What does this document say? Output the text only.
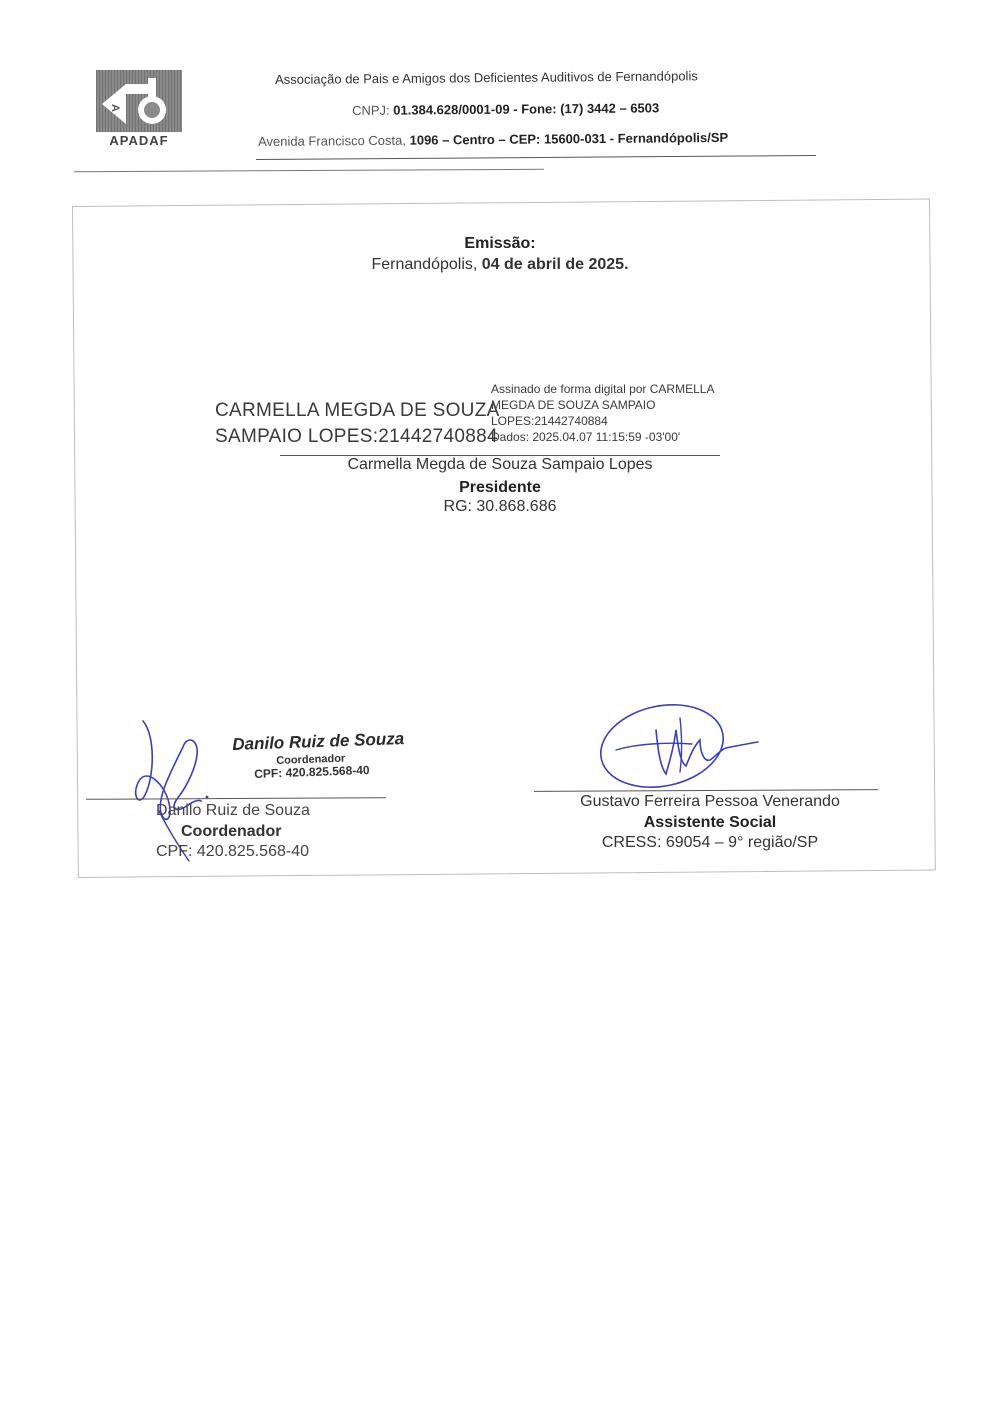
A
APADAF
Associação de Pais e Amigos dos Deficientes Auditivos de Fernandópolis
CNPJ: 01.384.628/0001-09 - Fone: (17) 3442 – 6503
Avenida Francisco Costa, 1096 – Centro – CEP: 15600-031 - Fernandópolis/SP
Emissão:
Fernandópolis, 04 de abril de 2025.
CARMELLA MEGDA DE SOUZA
SAMPAIO LOPES:21442740884
Assinado de forma digital por CARMELLA
MEGDA DE SOUZA SAMPAIO
LOPES:21442740884
Dados: 2025.04.07 11:15:59 -03'00'
Carmella Megda de Souza Sampaio Lopes
Presidente
RG: 30.868.686
Danilo Ruiz de Souza
Coordenador
CPF: 420.825.568-40
Danilo Ruiz de Souza
Coordenador
CPF: 420.825.568-40
Gustavo Ferreira Pessoa Venerando
Assistente Social
CRESS: 69054 – 9° região/SP
